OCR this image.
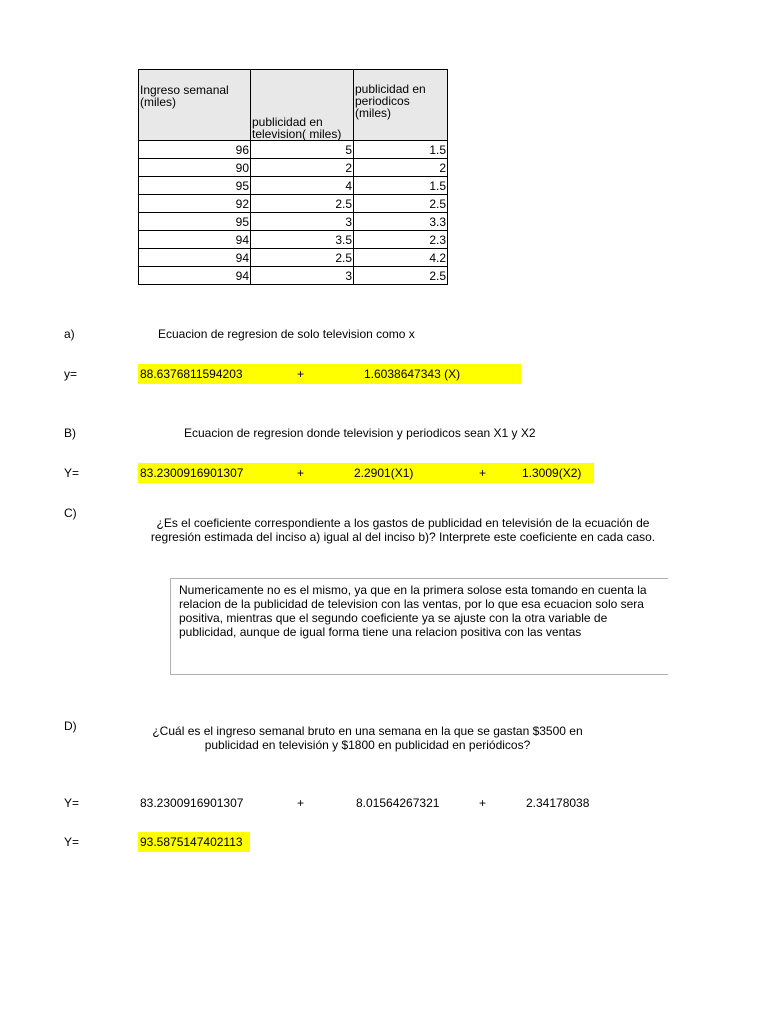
Ingreso semanal (miles)	publicidad en television( miles)	publicidad en periodicos (miles)
96	5	1.5
90	2	2
95	4	1.5
92	2.5	2.5
95	3	3.3
94	3.5	2.3
94	2.5	4.2
94	3	2.5
a)	Ecuacion de regresion de solo television como x
y=	88.6376811594203	+	1.6038647343 (X)
B)	Ecuacion de regresion donde television y periodicos sean X1 y X2
Y=	83.2300916901307	+	2.2901(X1)	+	1.3009(X2)
C)
¿Es el coeficiente correspondiente a los gastos de publicidad en televisión de la ecuación de regresión estimada del inciso a) igual al del inciso b)? Interprete este coeficiente en cada caso.
Numericamente no es el mismo, ya que en la primera solose esta tomando en cuenta la relacion de la publicidad de television con las ventas, por lo que esa ecuacion solo sera positiva, mientras que el segundo coeficiente ya se ajuste con la otra variable de publicidad, aunque de igual forma tiene una relacion positiva con las ventas
D)	¿Cuál es el ingreso semanal bruto en una semana en la que se gastan $3500 en publicidad en televisión y $1800 en publicidad en periódicos?
Y=	83.2300916901307	+	8.01564267321	+	2.34178038
Y=	93.5875147402113
